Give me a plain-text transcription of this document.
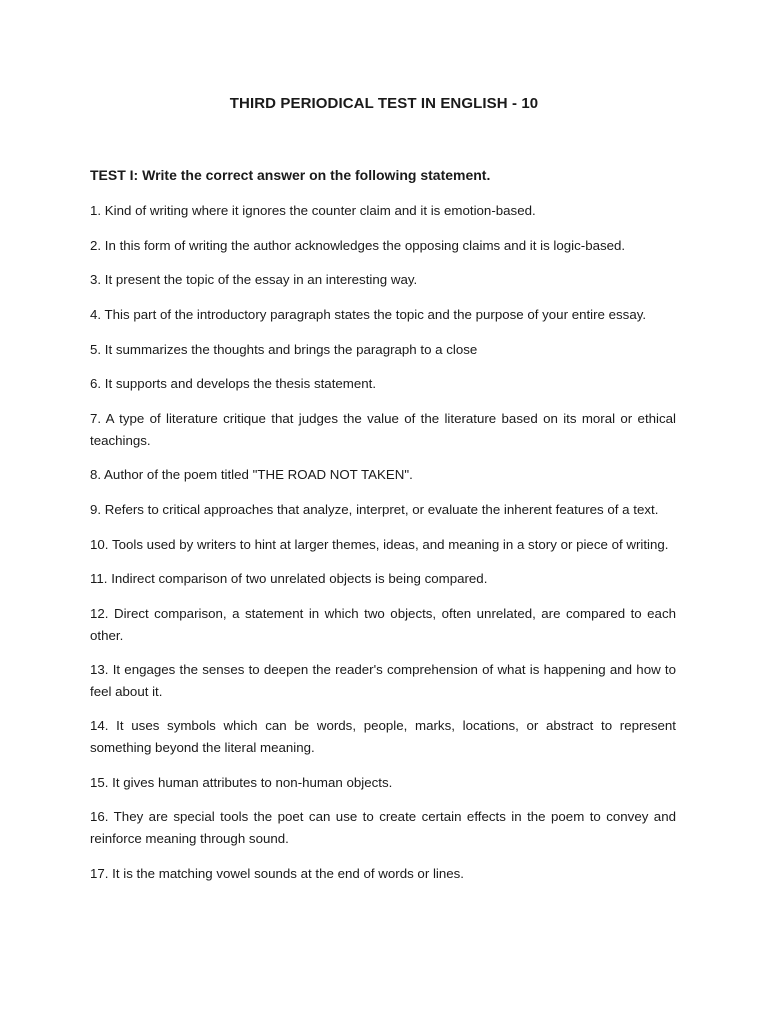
THIRD PERIODICAL TEST IN ENGLISH - 10
TEST I: Write the correct answer on the following statement.
1. Kind of writing where it ignores the counter claim and it is emotion-based.
2. In this form of writing the author acknowledges the opposing claims and it is logic-based.
3. It present the topic of the essay in an interesting way.
4. This part of the introductory paragraph states the topic and the purpose of your entire essay.
5. It summarizes the thoughts and brings the paragraph to a close
6. It supports and develops the thesis statement.
7. A type of literature critique that judges the value of the literature based on its moral or ethical teachings.
8. Author of the poem titled "THE ROAD NOT TAKEN".
9. Refers to critical approaches that analyze, interpret, or evaluate the inherent features of a text.
10. Tools used by writers to hint at larger themes, ideas, and meaning in a story or piece of writing.
11. Indirect comparison of two unrelated objects is being compared.
12. Direct comparison, a statement in which two objects, often unrelated, are compared to each other.
13. It engages the senses to deepen the reader's comprehension of what is happening and how to feel about it.
14. It uses symbols which can be words, people, marks, locations, or abstract to represent something beyond the literal meaning.
15. It gives human attributes to non-human objects.
16. They are special tools the poet can use to create certain effects in the poem to convey and reinforce meaning through sound.
17. It is the matching vowel sounds at the end of words or lines.
